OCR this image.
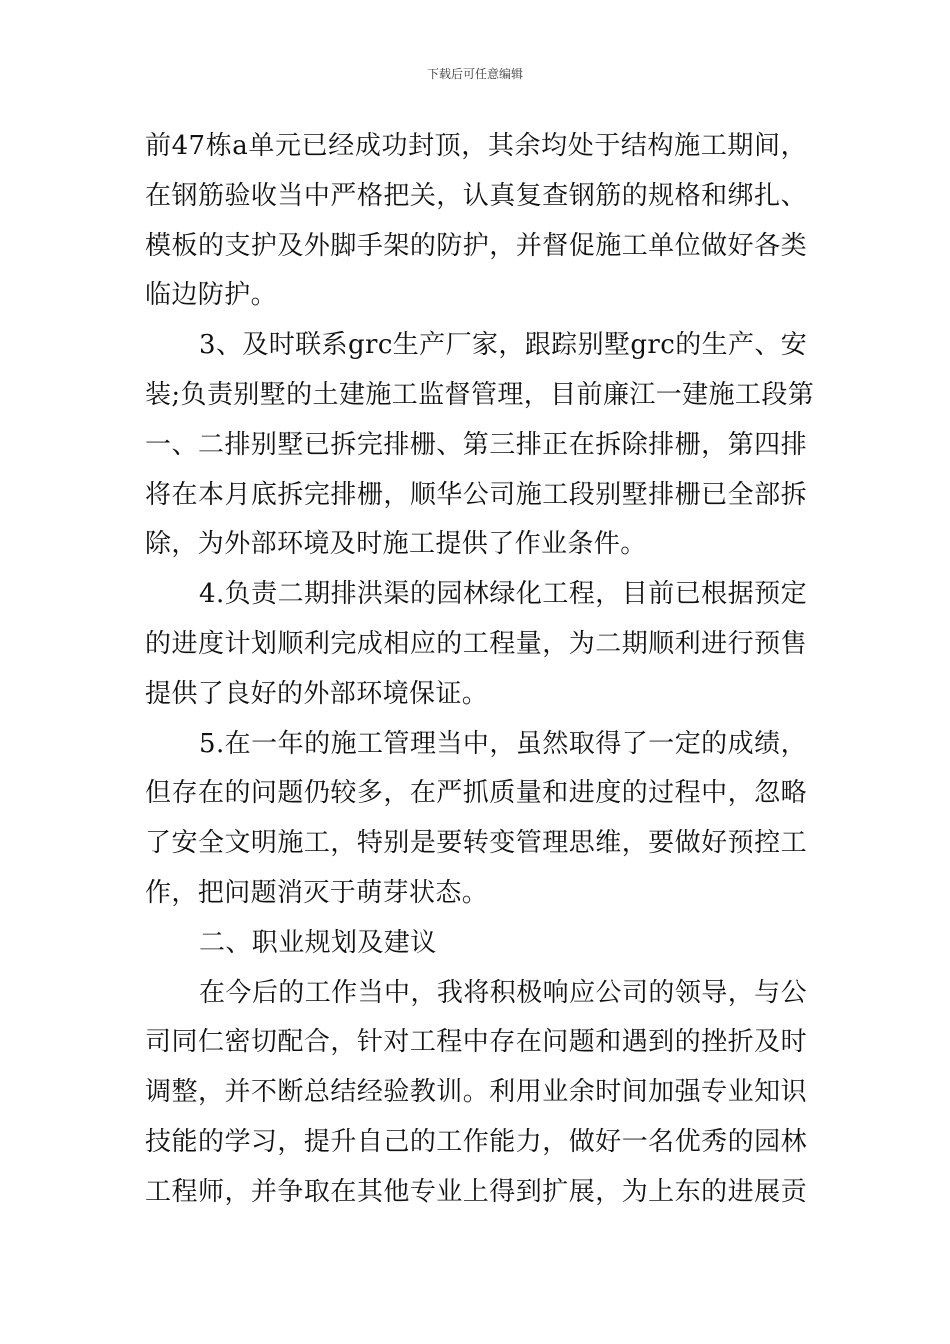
下载后可任意编辑
前47栋a单元已经成功封顶，其余均处于结构施工期间，
在钢筋验收当中严格把关，认真复查钢筋的规格和绑扎、
模板的支护及外脚手架的防护，并督促施工单位做好各类
临边防护。
3、及时联系grc生产厂家，跟踪别墅grc的生产、安
装;负责别墅的土建施工监督管理，目前廉江一建施工段第
一、二排别墅已拆完排栅、第三排正在拆除排栅，第四排
将在本月底拆完排栅，顺华公司施工段别墅排栅已全部拆
除，为外部环境及时施工提供了作业条件。
4.负责二期排洪渠的园林绿化工程，目前已根据预定
的进度计划顺利完成相应的工程量，为二期顺利进行预售
提供了良好的外部环境保证。
5.在一年的施工管理当中，虽然取得了一定的成绩，
但存在的问题仍较多，在严抓质量和进度的过程中，忽略
了安全文明施工，特别是要转变管理思维，要做好预控工
作，把问题消灭于萌芽状态。
二、职业规划及建议
在今后的工作当中，我将积极响应公司的领导，与公
司同仁密切配合，针对工程中存在问题和遇到的挫折及时
调整，并不断总结经验教训。利用业余时间加强专业知识
技能的学习，提升自己的工作能力，做好一名优秀的园林
工程师，并争取在其他专业上得到扩展，为上东的进展贡
